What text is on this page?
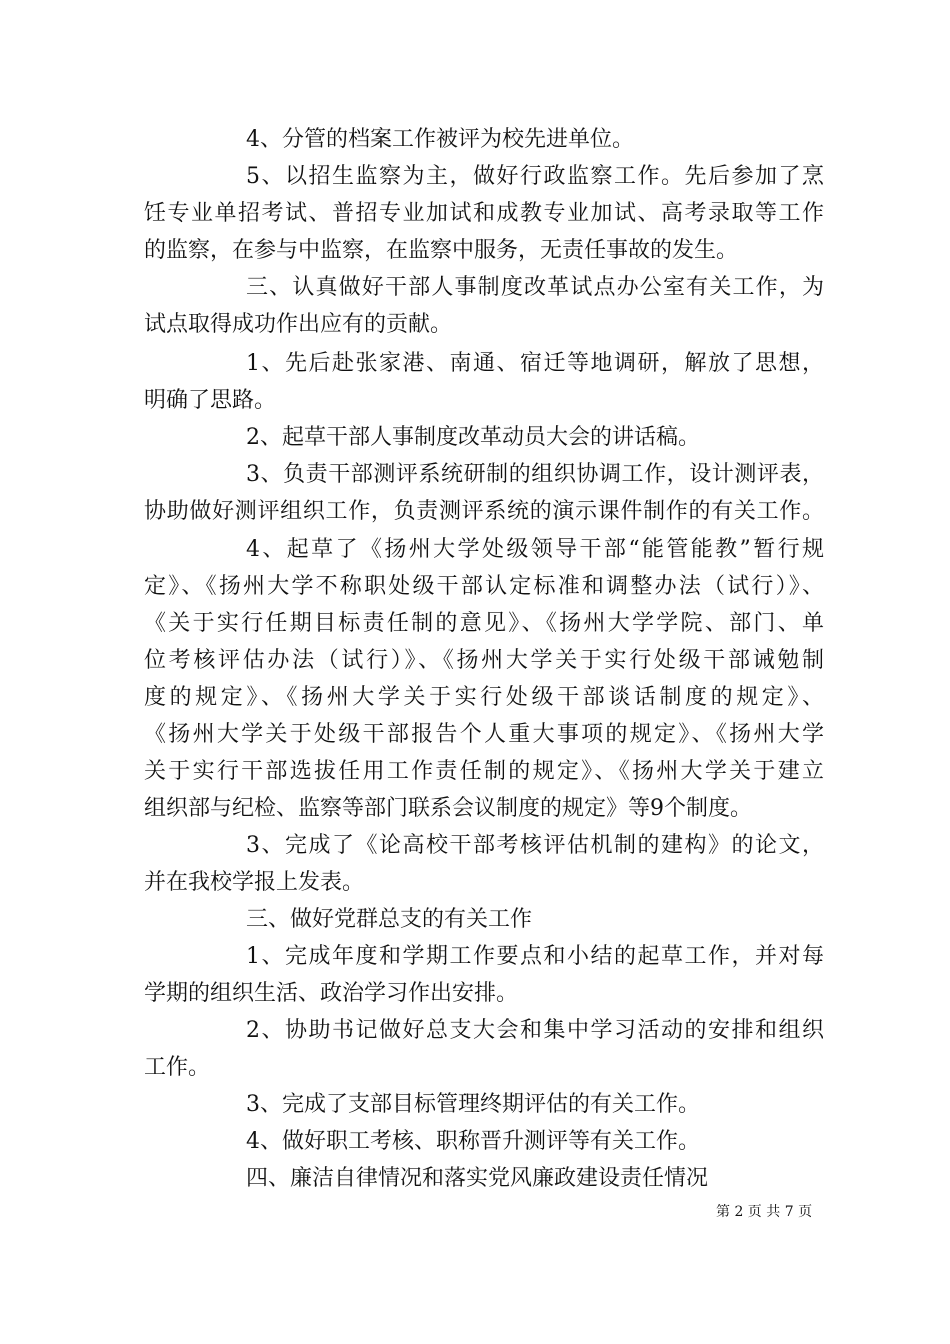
4、分管的档案工作被评为校先进单位。
5、以招生监察为主，做好行政监察工作。先后参加了烹
饪专业单招考试、普招专业加试和成教专业加试、高考录取等工作
的监察，在参与中监察，在监察中服务，无责任事故的发生。
三、认真做好干部人事制度改革试点办公室有关工作，为
试点取得成功作出应有的贡献。
1、先后赴张家港、南通、宿迁等地调研，解放了思想，
明确了思路。
2、起草干部人事制度改革动员大会的讲话稿。
3、负责干部测评系统研制的组织协调工作，设计测评表，
协助做好测评组织工作，负责测评系统的演示课件制作的有关工作。
4、起草了《扬州大学处级领导干部“能管能教”暂行规
定》、《扬州大学不称职处级干部认定标准和调整办法（试行）》、
《关于实行任期目标责任制的意见》、《扬州大学学院、部门、单
位考核评估办法（试行）》、《扬州大学关于实行处级干部诫勉制
度的规定》、《扬州大学关于实行处级干部谈话制度的规定》、
《扬州大学关于处级干部报告个人重大事项的规定》、《扬州大学
关于实行干部选拔任用工作责任制的规定》、《扬州大学关于建立
组织部与纪检、监察等部门联系会议制度的规定》等9个制度。
3、完成了《论高校干部考核评估机制的建构》的论文，
并在我校学报上发表。
三、做好党群总支的有关工作
1、完成年度和学期工作要点和小结的起草工作，并对每
学期的组织生活、政治学习作出安排。
2、协助书记做好总支大会和集中学习活动的安排和组织
工作。
3、完成了支部目标管理终期评估的有关工作。
4、做好职工考核、职称晋升测评等有关工作。
四、廉洁自律情况和落实党风廉政建设责任情况
第 2 页 共 7 页
